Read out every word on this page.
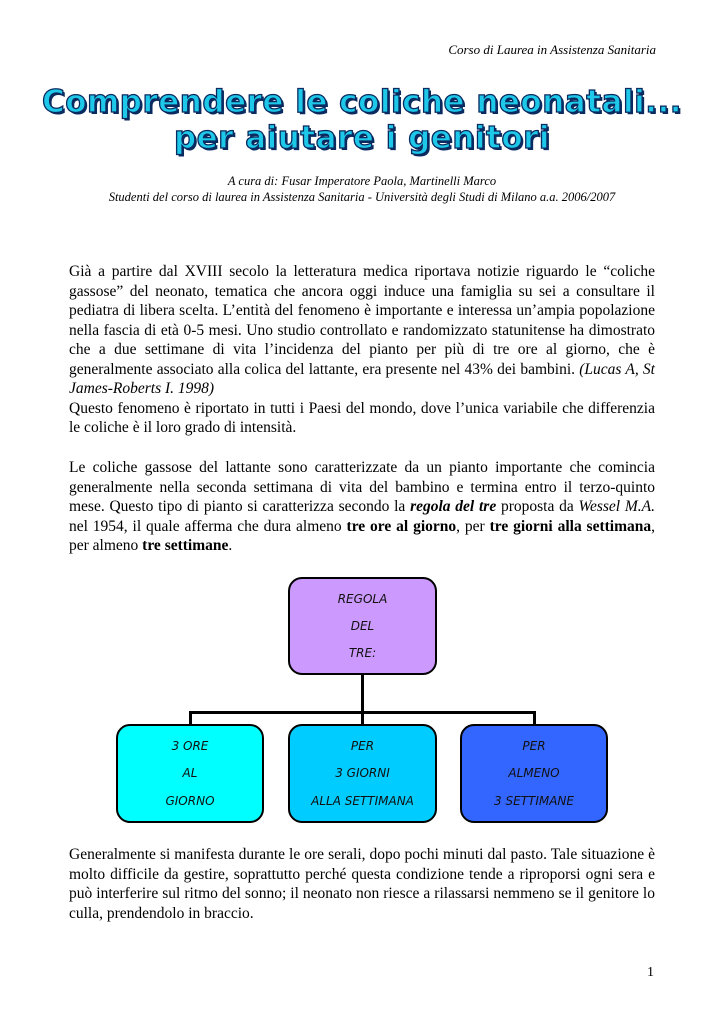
Corso di Laurea in Assistenza Sanitaria
Comprendere le coliche neonatali...
per aiutare i genitori
A cura di: Fusar Imperatore Paola, Martinelli Marco
Studenti del corso di laurea in Assistenza Sanitaria - Università degli Studi di Milano a.a. 2006/2007

Già a partire dal XVIII secolo la letteratura medica riportava notizie riguardo le “coliche gassose” del neonato, tematica che ancora oggi induce una famiglia su sei a consultare il pediatra di libera scelta. L’entità del fenomeno è importante e interessa un’ampia popolazione nella fascia di età 0-5 mesi. Uno studio controllato e randomizzato statunitense ha dimostrato che a due settimane di vita l’incidenza del pianto per più di tre ore al giorno, che è generalmente associato alla colica del lattante, era presente nel 43% dei bambini. (Lucas A, St James-Roberts I. 1998)

Questo fenomeno è riportato in tutti i Paesi del mondo, dove l’unica variabile che differenzia le coliche è il loro grado di intensità.

Le coliche gassose del lattante sono caratterizzate da un pianto importante che comincia generalmente nella seconda settimana di vita del bambino e termina entro il terzo-quinto mese. Questo tipo di pianto si caratterizza secondo la regola del tre proposta da Wessel M.A. nel 1954, il quale afferma che dura almeno tre ore al giorno, per tre giorni alla settimana, per almeno tre settimane.

REGOLA
DEL
TRE:
3 ORE
AL
GIORNO
PER
3 GIORNI
ALLA SETTIMANA
PER
ALMENO
3 SETTIMANE

Generalmente si manifesta durante le ore serali, dopo pochi minuti dal pasto. Tale situazione è molto difficile da gestire, soprattutto perché questa condizione tende a riproporsi ogni sera e può interferire sul ritmo del sonno; il neonato non riesce a rilassarsi nemmeno se il genitore lo culla, prendendolo in braccio.

1
